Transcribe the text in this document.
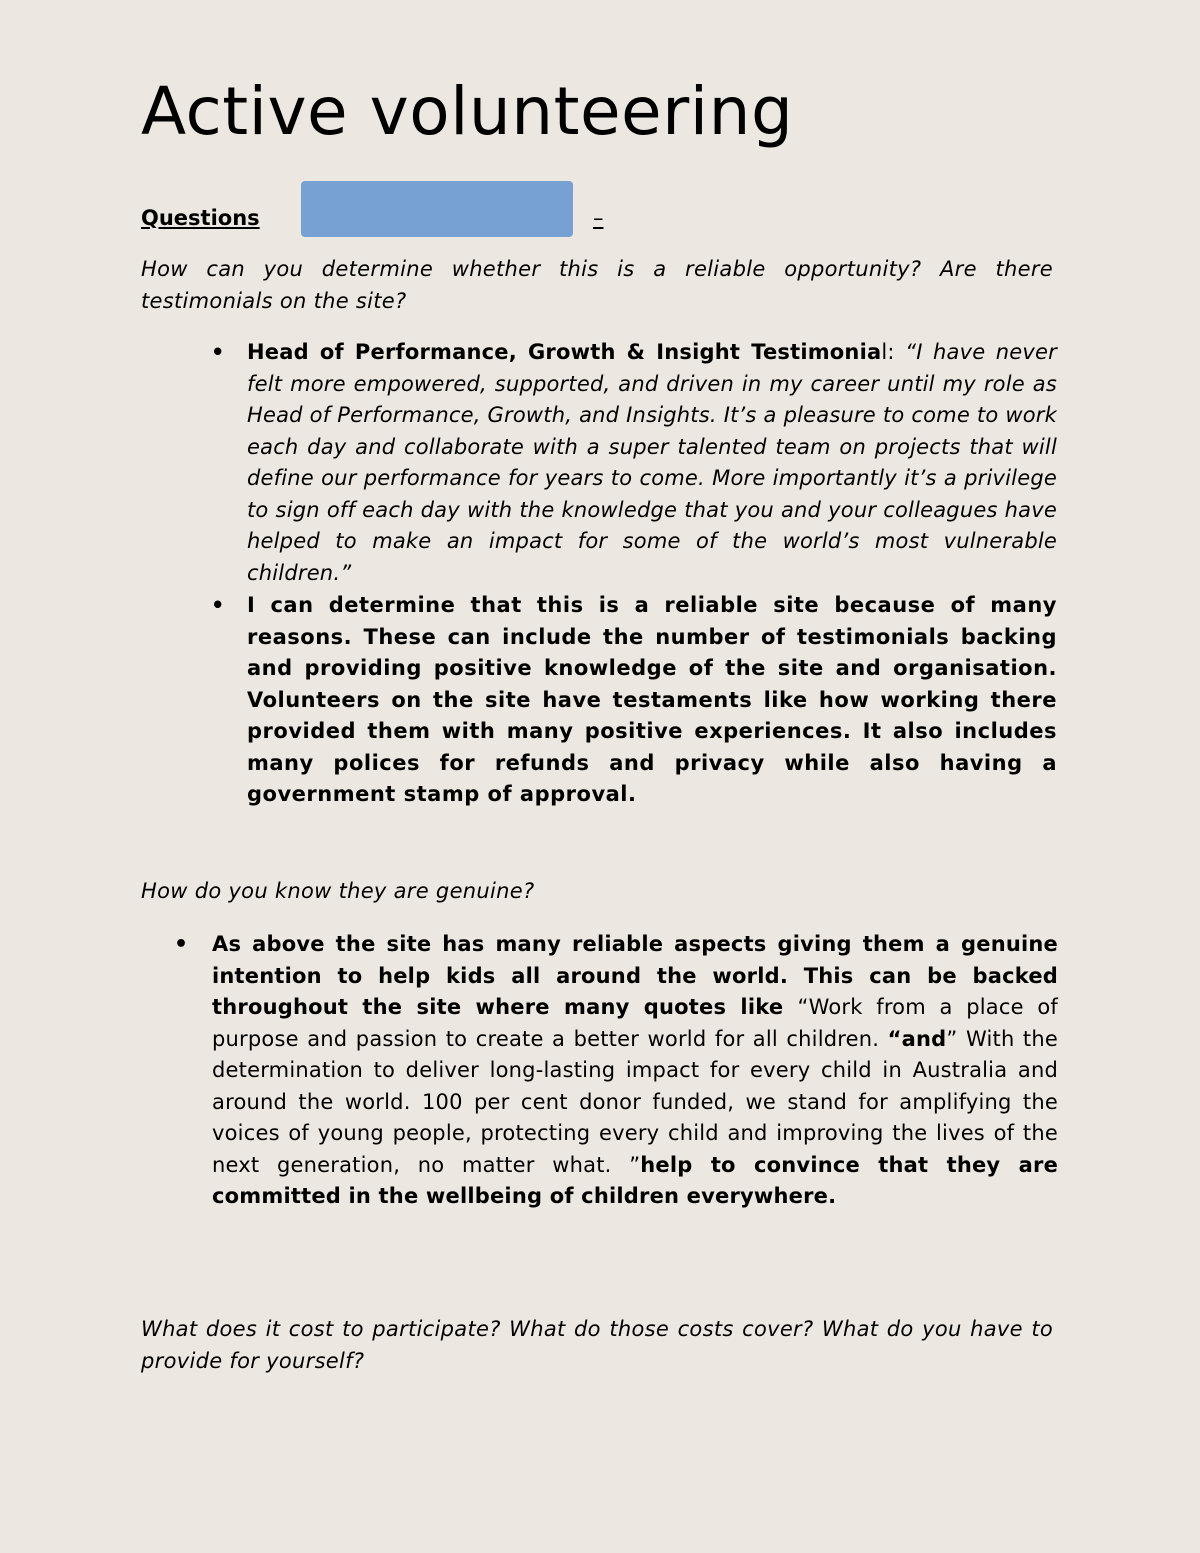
Active volunteering
Questions	–

How can you determine whether this is a reliable opportunity? Are there testimonials on the site?

• Head of Performance, Growth & Insight Testimonial: “I have never felt more empowered, supported, and driven in my career until my role as Head of Performance, Growth, and Insights. It’s a pleasure to come to work each day and collaborate with a super talented team on projects that will define our performance for years to come. More importantly it’s a privilege to sign off each day with the knowledge that you and your colleagues have helped to make an impact for some of the world’s most vulnerable children.”
• I can determine that this is a reliable site because of many reasons. These can include the number of testimonials backing and providing positive knowledge of the site and organisation. Volunteers on the site have testaments like how working there provided them with many positive experiences. It also includes many polices for refunds and privacy while also having a government stamp of approval.

How do you know they are genuine?

• As above the site has many reliable aspects giving them a genuine intention to help kids all around the world. This can be backed throughout the site where many quotes like “Work from a place of purpose and passion to create a better world for all children. “and” With the determination to deliver long-lasting impact for every child in Australia and around the world. 100 per cent donor funded, we stand for amplifying the voices of young people, protecting every child and improving the lives of the next generation, no matter what. ”help to convince that they are committed in the wellbeing of children everywhere.

What does it cost to participate? What do those costs cover? What do you have to provide for yourself?
